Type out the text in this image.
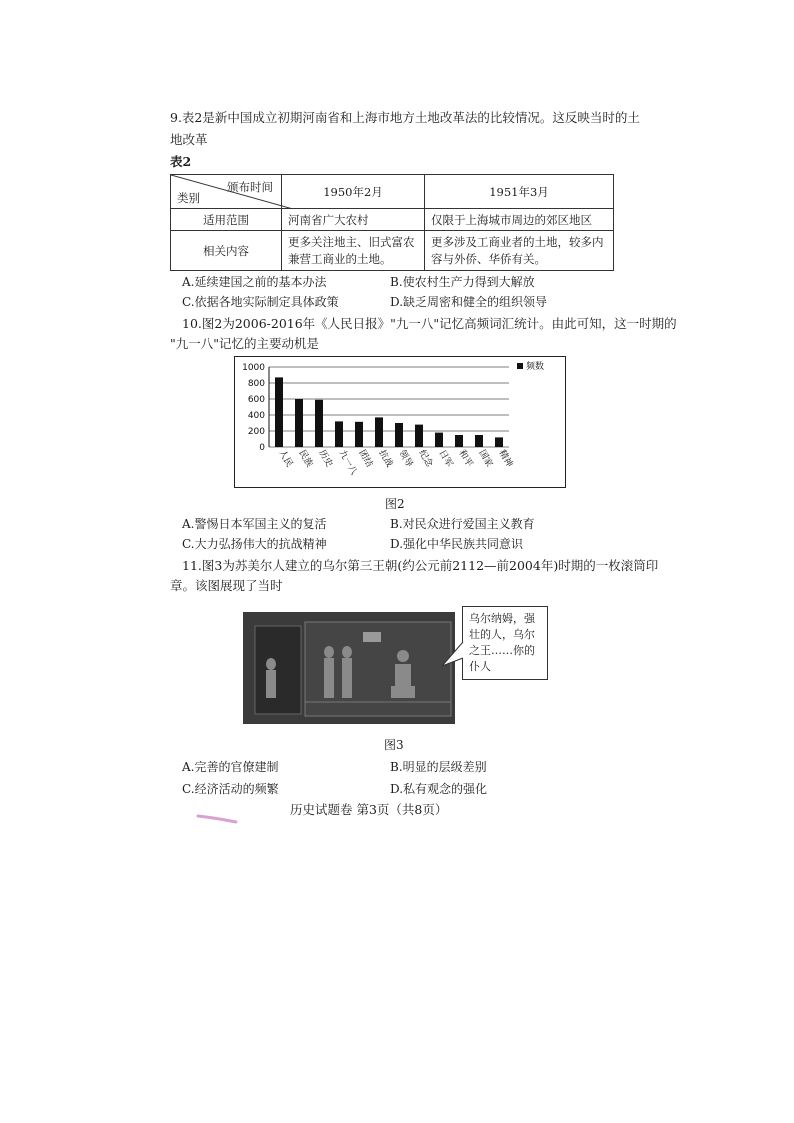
9.表2是新中国成立初期河南省和上海市地方土地改革法的比较情况。这反映当时的土
地改革
表2
颁布时间
类别	1950年2月	1951年3月
适用范围	河南省广大农村	仅限于上海城市周边的郊区地区
相关内容	更多关注地主、旧式富农兼营工商业的土地。	更多涉及工商业者的土地，较多内容与外侨、华侨有关。
A.延续建国之前的基本办法	B.使农村生产力得到大解放
C.依据各地实际制定具体政策	D.缺乏周密和健全的组织领导
10.图2为2006-2016年《人民日报》"九一八"记忆高频词汇统计。由此可知，这一时期的
"九一八"记忆的主要动机是
0
200
400
600
800
1000
人民 民族 历史 九一八
团结 抗战 领导 纪念 日军 和平 国家 精神
频数
图2
A.警惕日本军国主义的复活	B.对民众进行爱国主义教育
C.大力弘扬伟大的抗战精神	D.强化中华民族共同意识
11.图3为苏美尔人建立的乌尔第三王朝(约公元前2112—前2004年)时期的一枚滚筒印
章。该图展现了当时
乌尔纳姆，强
壮的人，乌尔
之王……你的
仆人
图3
A.完善的官僚建制	B.明显的层级差别
C.经济活动的频繁	D.私有观念的强化
历史试题卷 第3页（共8页）
